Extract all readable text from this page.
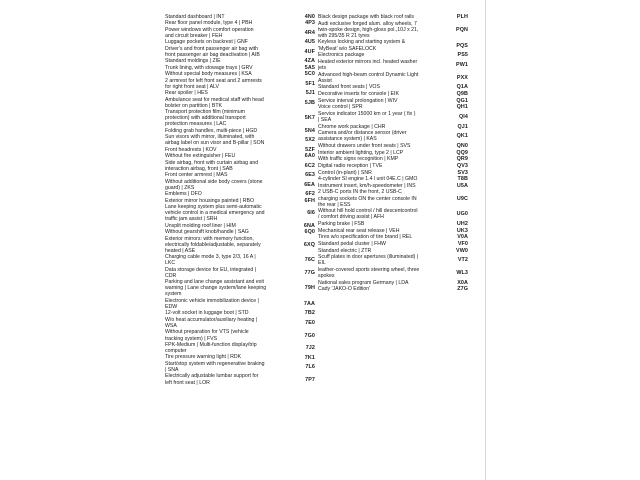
Standard dashboard | INT	4N0
Rear floor panel module, type 4 | PBH	4P3
Power windows with comfort operation
and circuit breaker | FEH	4R4
Luggage pockets on backrest | GNF	4U5
Driver's and front passenger air bag with
front passenger air bag deactivation | AIB	4UF
Standard moldings | ZIE	4ZA
Trunk lining, with stowage trays | GRV	5A5
Without special body measures | KSA	5C0
2 armrest for left front seat and 2 armrests
for right front seat | ALV	5F1
Rear spoiler | HES	5J1
Ambulance seat for medical staff with head
bolster on partition | BTK	5JB
Transport protection film (minimum
protection) with additional transport
protection measures | LAC
5K7
Folding grab handles, multi-piece | HGD	5N4
Sun visors with mirror, illuminated, with
airbag label on sun visor and B-pillar | SON	5X2
Front headrests | KOV	5ZF
Without fire extinguisher | FEU	6A0
Side airbag, front with curtain airbag and
interaction airbag, front | SAB	6C2
Front center armrest | MAS	6E3
Without additional side body covers (stone
guard) | ZKS	6EA
Emblems | DFO	6F2
Exterior mirror housings painted | RBO	6FH
Lane keeping system plus semi-automatic
vehicle control in a medical emergency and
traffic jam assist | SRH
6I6
Unsplit molding roof liner | HIM	6NA
Without gearshift knob/handle | SAG	6Q0
Exterior mirrors: with memory function,
electrically foldable/adjustable, separately
heated | ASE
6XQ
Charging cable mode 3, type 2/3, 16 A |
LKC	76C
Data storage device for EU, integrated |
CDR	77G
Parking and lane change assistant and exit
warning | Lane change system/lane keeping
system
79H
Electronic vehicle immobilization device |
EDW	7AA
12-volt socket in luggage boot | STD	7B2
W/o heat accumulator/auxiliary heating |
WSA	7E0
Without preparation for VTS (vehicle
tracking system) | FVS	7G0
FPK-Medium | Multi-function display/trip
computer	7J2
Tire pressure warning light | RDK	7K1
Start/stop system with regenerative braking
| SNA	7L6
Electrically adjustable lumbar support for
left front seat | LOR	7P7
Black design package with black roof rails	PLH
Audi exclusive forged alum. alloy wheels, 7
twin-spoke design, high-gloss pol.,10J x 21,
with 295/35 R 21 tyres
PQN
Keyless locking and starting system &
'MyBeat' w/o SAFELOCK	PQS
Electronics package	PS5
Heated exterior mirrors incl. heated washer
jets	PW1
Advanced high-beam control Dynamic Light
Assist	PXX
Standard front seats | VOS	Q1A
Decorative inserts for console | EIK	Q9B
Service interval prolongation | WIV	QG1
Voice control | SPR	QH1
Service indicator 15000 km or 1 year ( fix )
| SEA	QI4
Chrome work package | CHR	QJ1
Camera and/or distance sensor (driver
assistance system) | KAS	QK1
Without drawers under front seats | SVS	QN0
Interior ambient lighting, type 2 | LCP	QQ9
With traffic signs recognition | KMP	QR9
Digital radio reception | TVE	QV3
Control (in-plant) | SNR	SV3
4-cylinder SI engine 1.4 l unit 04E.C | GMO	T8B
Instrument insert, km/h-speedometer | INS	U5A
2 USB-C ports IN the front, 2 USB-C
charging sockets ON the center console IN
the rear | ESS
U9C
Without hill hold control / hill descentcontrol
/ comfort driving assist | AFH	UG0
Parking brake | FSB	UH2
Mechanical rear seat release | VEH	UK3
Tires w/o specification of tire brand | REL	V0A
Standard pedal cluster | FHW	VF0
Standard electric | ZTR	VW0
Scuff plates in door apertures (illuminated) |
EIL	VT2
leather-covered sports steering wheel, three
spokes	WL3
National sales program Germany | LDA	X0A
Cady 'JAKO-O Edition'	Z7G
